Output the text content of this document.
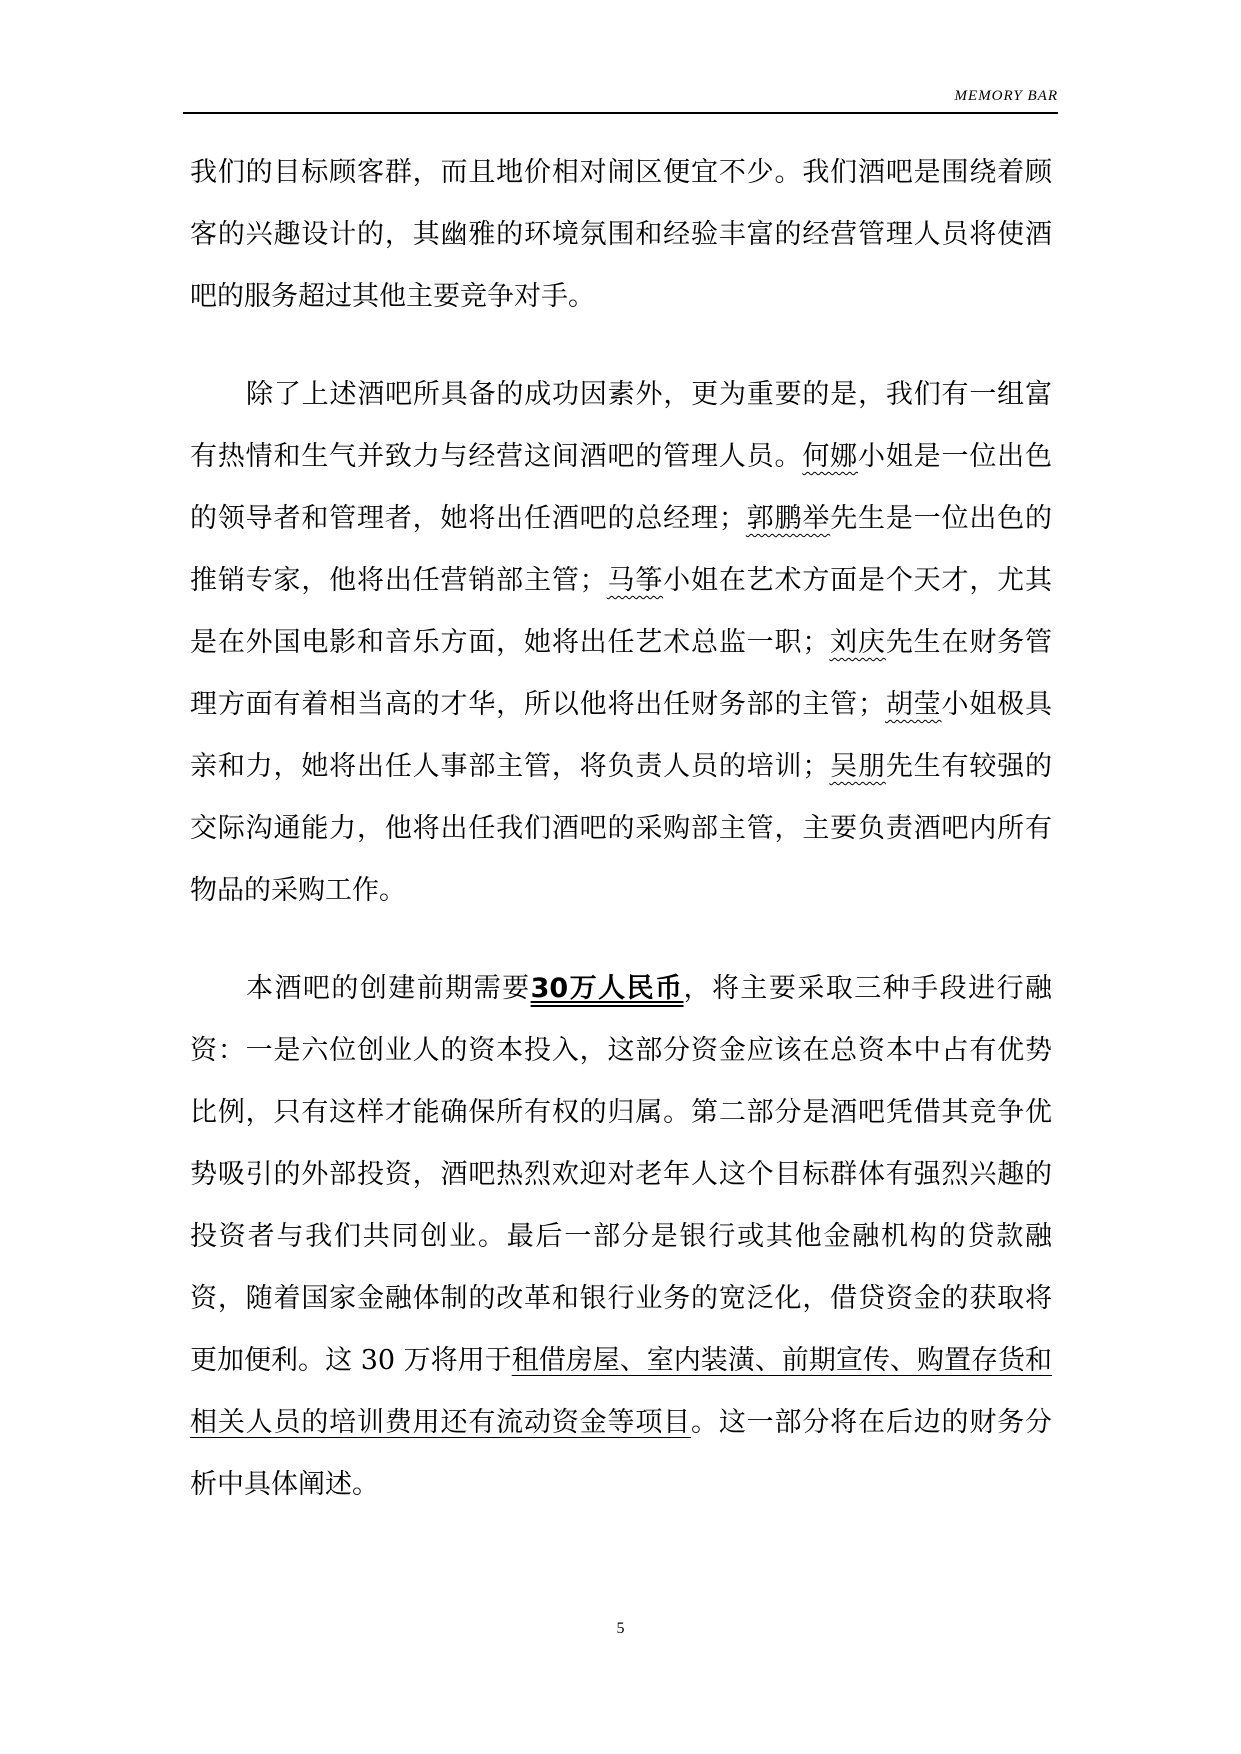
MEMORY BAR

我们的目标顾客群，而且地价相对闹区便宜不少。我们酒吧是围绕着顾客的兴趣设计的，其幽雅的环境氛围和经验丰富的经营管理人员将使酒吧的服务超过其他主要竞争对手。

除了上述酒吧所具备的成功因素外，更为重要的是，我们有一组富有热情和生气并致力与经营这间酒吧的管理人员。何娜小姐是一位出色的领导者和管理者，她将出任酒吧的总经理；郭鹏举先生是一位出色的推销专家，他将出任营销部主管；马筝小姐在艺术方面是个天才，尤其是在外国电影和音乐方面，她将出任艺术总监一职；刘庆先生在财务管理方面有着相当高的才华，所以他将出任财务部的主管；胡莹小姐极具亲和力，她将出任人事部主管，将负责人员的培训；吴朋先生有较强的交际沟通能力，他将出任我们酒吧的采购部主管，主要负责酒吧内所有物品的采购工作。

本酒吧的创建前期需要30万人民币，将主要采取三种手段进行融资：一是六位创业人的资本投入，这部分资金应该在总资本中占有优势比例，只有这样才能确保所有权的归属。第二部分是酒吧凭借其竞争优势吸引的外部投资，酒吧热烈欢迎对老年人这个目标群体有强烈兴趣的投资者与我们共同创业。最后一部分是银行或其他金融机构的贷款融资，随着国家金融体制的改革和银行业务的宽泛化，借贷资金的获取将更加便利。这 30 万将用于租借房屋、室内装潢、前期宣传、购置存货和相关人员的培训费用还有流动资金等项目。这一部分将在后边的财务分析中具体阐述。

5
